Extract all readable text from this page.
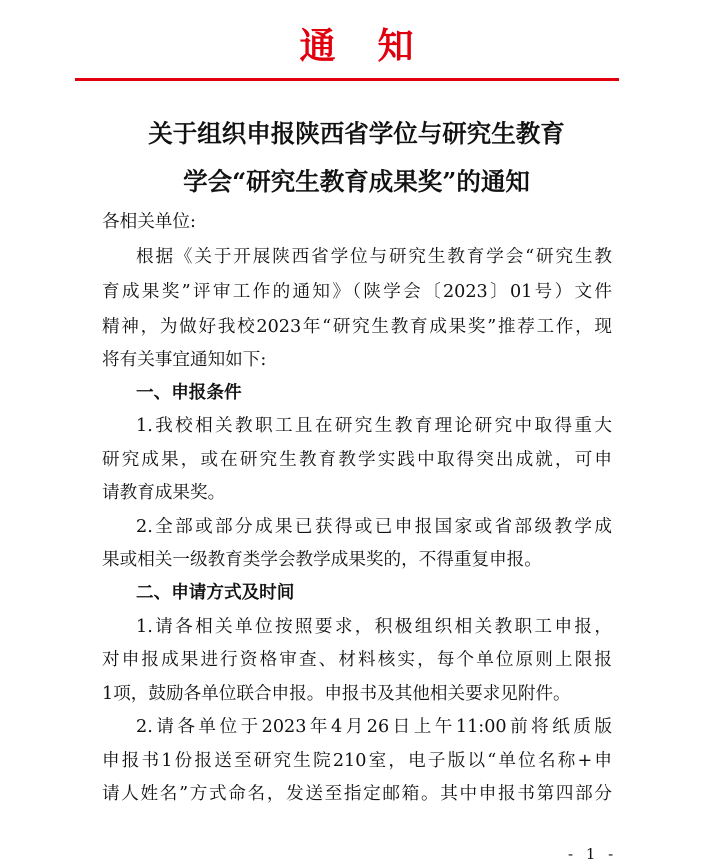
通知
关于组织申报陕西省学位与研究生教育
学会“研究生教育成果奖”的通知
各相关单位:
根据《关于开展陕西省学位与研究生教育学会“研究生教
育成果奖”评审工作的通知》（陕学会〔2023〕01号）文件
精神，为做好我校2023年“研究生教育成果奖”推荐工作，现
将有关事宜通知如下:
一、申报条件
1.我校相关教职工且在研究生教育理论研究中取得重大
研究成果，或在研究生教育教学实践中取得突出成就，可申
请教育成果奖。
2.全部或部分成果已获得或已申报国家或省部级教学成
果或相关一级教育类学会教学成果奖的，不得重复申报。
二、申请方式及时间
1.请各相关单位按照要求，积极组织相关教职工申报，
对申报成果进行资格审查、材料核实，每个单位原则上限报
1项，鼓励各单位联合申报。申报书及其他相关要求见附件。
2.请各单位于2023年4月26日上午11:00前将纸质版
申报书1份报送至研究生院210室，电子版以“单位名称+申
请人姓名”方式命名，发送至指定邮箱。其中申报书第四部分
- 1 -
